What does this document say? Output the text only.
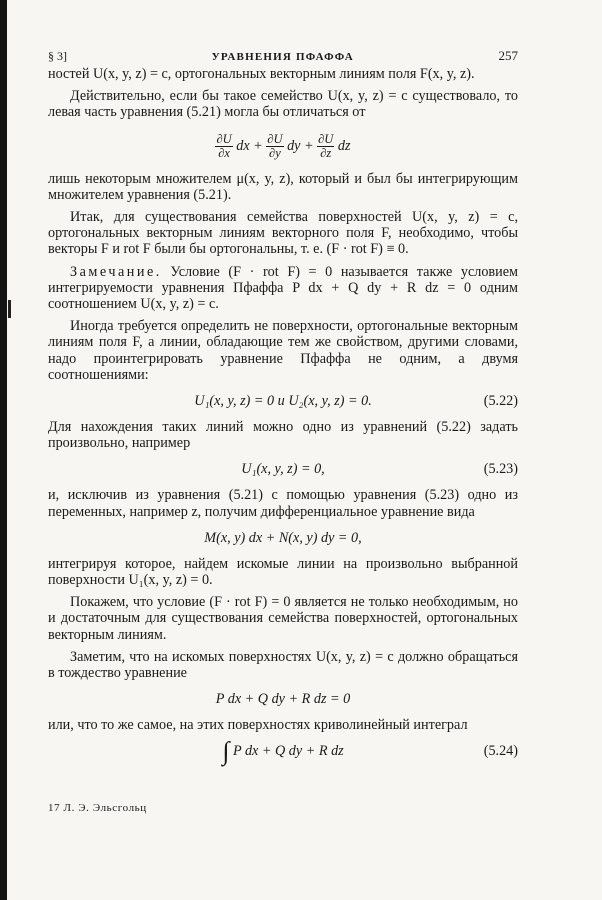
§ 3]	УРАВНЕНИЯ ПФАФФА	257

ностей U(x, y, z) = c, ортогональных векторным линиям поля F(x, y, z).

Действительно, если бы такое семейство U(x, y, z) = c существовало, то левая часть уравнения (5.21) могла бы отличаться от

$\frac{\partial U}{\partial x}$ dx + $\frac{\partial U}{\partial y}$ dy + $\frac{\partial U}{\partial z}$ dz

лишь некоторым множителем μ(x, y, z), который и был бы интегрирующим множителем уравнения (5.21).

Итак, для существования семейства поверхностей U(x, y, z) = c, ортогональных векторным линиям векторного поля F, необходимо, чтобы векторы F и rot F были бы ортогональны, т. е. (F · rot F) ≡ 0.

Замечание. Условие (F · rot F) = 0 называется также условием интегрируемости уравнения Пфаффа P dx + Q dy + R dz = 0 одним соотношением U(x, y, z) = c.

Иногда требуется определить не поверхности, ортогональные векторным линиям поля F, а линии, обладающие тем же свойством, другими словами, надо проинтегрировать уравнение Пфаффа не одним, а двумя соотношениями:

U₁(x, y, z) = 0 и U₂(x, y, z) = 0.	(5.22)

Для нахождения таких линий можно одно из уравнений (5.22) задать произвольно, например

U₁(x, y, z) = 0,	(5.23)

и, исключив из уравнения (5.21) с помощью уравнения (5.23) одно из переменных, например z, получим дифференциальное уравнение вида

M(x, y) dx + N(x, y) dy = 0,

интегрируя которое, найдем искомые линии на произвольно выбранной поверхности U₁(x, y, z) = 0.

Покажем, что условие (F · rot F) = 0 является не только необходимым, но и достаточным для существования семейства поверхностей, ортогональных векторным линиям.

Заметим, что на искомых поверхностях U(x, y, z) = c должно обращаться в тождество уравнение

P dx + Q dy + R dz = 0

или, что то же самое, на этих поверхностях криволинейный интеграл

∫ P dx + Q dy + R dz	(5.24)
17 Л. Э. Эльсгольц
